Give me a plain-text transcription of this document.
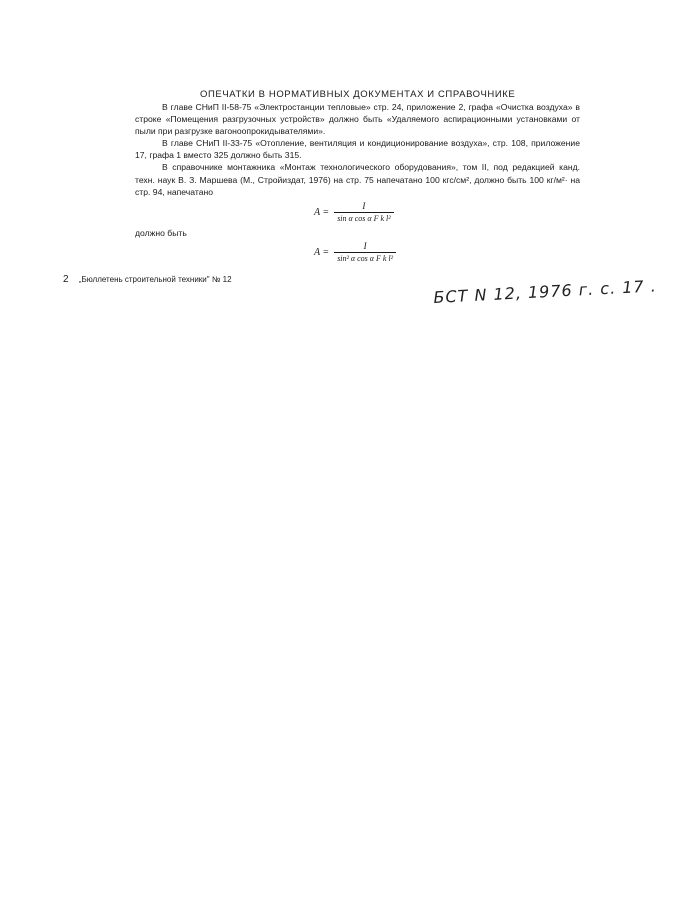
ОПЕЧАТКИ В НОРМАТИВНЫХ ДОКУМЕНТАХ И СПРАВОЧНИКЕ

В главе СНиП II-58-75 «Электростанции тепловые» стр. 24, приложение 2, графа «Очистка воздуха» в строке «Помещения разгрузочных устройств» должно быть «Удаляемого аспирационными установками от пыли при разгрузке вагоноопрокидывателями».

В главе СНиП II-33-75 «Отопление, вентиляция и кондиционирование воздуха», стр. 108, приложение 17, графа 1 вместо 325 должно быть 315.

В справочнике монтажника «Монтаж технологического оборудования», том II, под редакцией канд. техн. наук В. З. Маршева (М., Стройиздат, 1976) на стр. 75 напечатано 100 кгс/см², должно быть 100 кг/м²· на стр. 94, напечатано

$A = \frac{I}{\text{sin α cos α F k l²}}$
должно быть
$A = \frac{I}{\text{sin² α cos α F k l²}}$
2 „Бюллетень строительной техники" № 12	БСТ N 12, 1976 г. с. 17 .
